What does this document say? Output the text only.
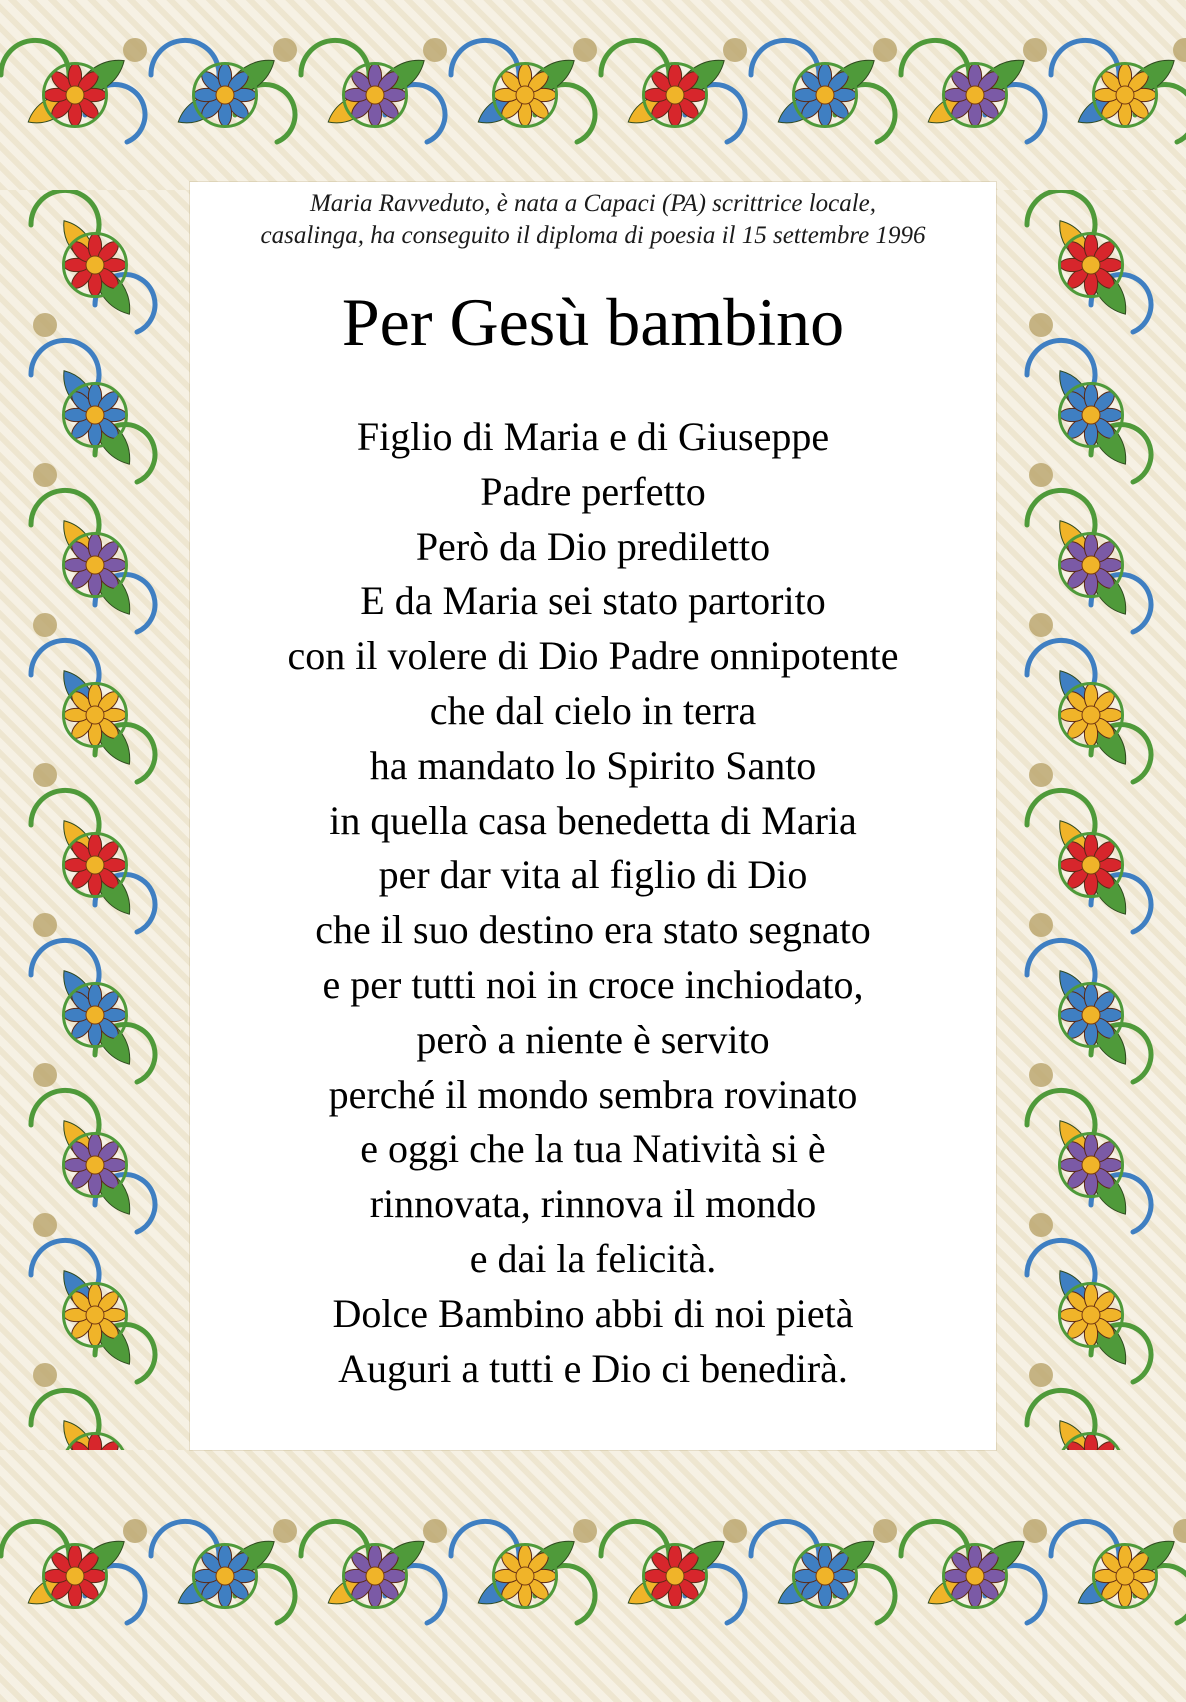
Maria Ravveduto, è nata a Capaci (PA) scrittrice locale,
casalinga, ha conseguito il diploma di poesia il 15 settembre 1996

Per Gesù bambino
Figlio di Maria e di Giuseppe
Padre perfetto
Però da Dio prediletto
E da Maria sei stato partorito
con il volere di Dio Padre onnipotente
che dal cielo in terra
ha mandato lo Spirito Santo
in quella casa benedetta di Maria
per dar vita al figlio di Dio
che il suo destino era stato segnato
e per tutti noi in croce inchiodato,
però a niente è servito
perché il mondo sembra rovinato
e oggi che la tua Natività si è
rinnovata, rinnova il mondo
e dai la felicità.
Dolce Bambino abbi di noi pietà
Auguri a tutti e Dio ci benedirà.
